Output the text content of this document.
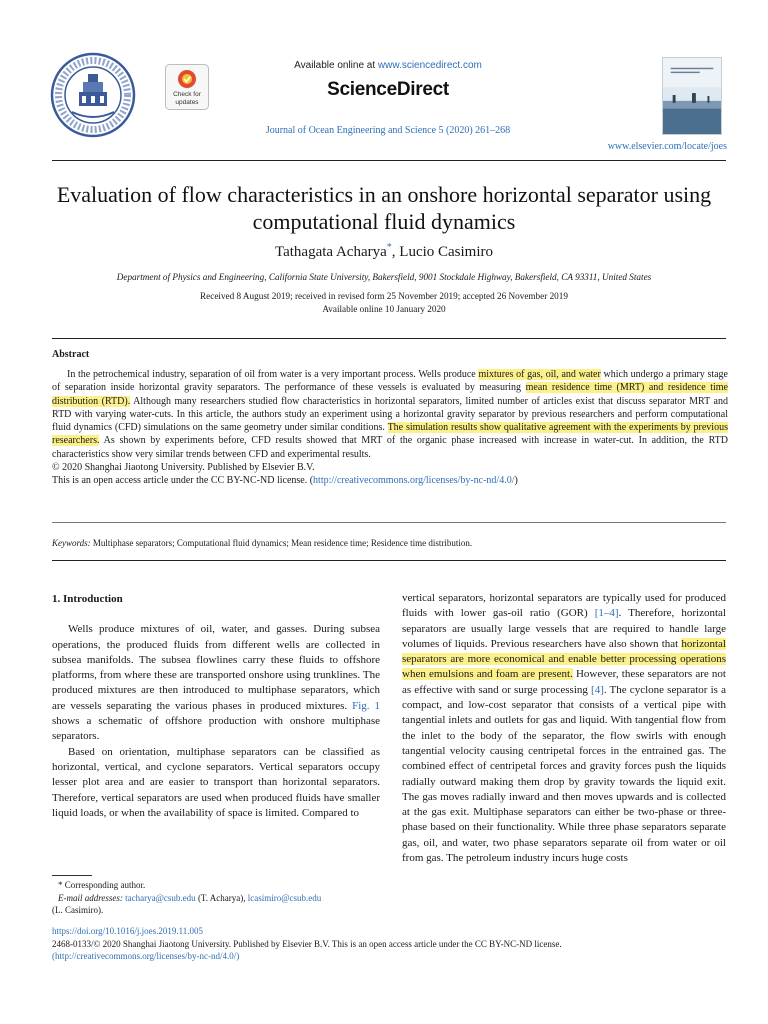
Check for
updates
Available online at www.sciencedirect.com
ScienceDirect
Journal of Ocean Engineering and Science 5 (2020) 261–268
www.elsevier.com/locate/joes
Evaluation of flow characteristics in an onshore horizontal separator using
computational fluid dynamics
Tathagata Acharya*, Lucio Casimiro
Department of Physics and Engineering, California State University, Bakersfield, 9001 Stockdale Highway, Bakersfield, CA 93311, United States
Received 8 August 2019; received in revised form 25 November 2019; accepted 26 November 2019
Available online 10 January 2020
Abstract

In the petrochemical industry, separation of oil from water is a very important process. Wells produce mixtures of gas, oil, and water which undergo a primary stage of separation inside horizontal gravity separators. The performance of these vessels is evaluated by measuring mean residence time (MRT) and residence time distribution (RTD). Although many researchers studied flow characteristics in horizontal separators, limited number of articles exist that discuss separator MRT and RTD with varying water-cuts. In this article, the authors study an experiment using a horizontal gravity separator by previous researchers and perform computational fluid dynamics (CFD) simulations on the same geometry under similar conditions. The simulation results show qualitative agreement with the experiments by previous researchers. As shown by experiments before, CFD results showed that MRT of the organic phase increased with increase in water-cut. In addition, the RTD characteristics show very similar trends between CFD and experimental results.

© 2020 Shanghai Jiaotong University. Published by Elsevier B.V.

This is an open access article under the CC BY-NC-ND license. (http://creativecommons.org/licenses/by-nc-nd/4.0/)

Keywords: Multiphase separators; Computational fluid dynamics; Mean residence time; Residence time distribution.
1. Introduction

Wells produce mixtures of oil, water, and gasses. During subsea operations, the produced fluids from different wells are collected in subsea manifolds. The subsea flowlines carry these fluids to offshore platforms, from where these are transported onshore using trunklines. The produced mixtures are then introduced to multiphase separators, which are vessels separating the various phases in produced mixtures. Fig. 1 shows a schematic of offshore production with onshore multiphase separators.

Based on orientation, multiphase separators can be classified as horizontal, vertical, and cyclone separators. Vertical separators occupy lesser plot area and are easier to transport than horizontal separators. Therefore, vertical separators are used when produced fluids have smaller liquid loads, or when the availability of space is limited. Compared to

vertical separators, horizontal separators are typically used for produced fluids with lower gas-oil ratio (GOR) [1–4]. Therefore, horizontal separators are usually large vessels that are required to handle large volumes of liquids. Previous researchers have also shown that horizontal separators are more economical and enable better processing operations when emulsions and foam are present. However, these separators are not as effective with sand or surge processing [4]. The cyclone separator is a compact, and low-cost separator that consists of a vertical pipe with tangential inlets and outlets for gas and liquid. With tangential flow from the inlet to the body of the separator, the flow swirls with enough tangential velocity causing centripetal forces in the entrained gas. The combined effect of centripetal forces and gravity forces push the liquids radially outward making them drop by gravity towards the liquid exit. The gas moves radially inward and then moves upwards and is collected at the gas exit. Multiphase separators can either be two-phase or three-phase based on their functionality. While three phase separators separate gas, oil, and water, two phase separators separate oil from water or oil from gas. The petroleum industry incurs huge costs

* Corresponding author.
E-mail addresses: tacharya@csub.edu (T. Acharya), lcasimiro@csub.edu
(L. Casimiro).
https://doi.org/10.1016/j.joes.2019.11.005
2468-0133/© 2020 Shanghai Jiaotong University. Published by Elsevier B.V. This is an open access article under the CC BY-NC-ND license.
(http://creativecommons.org/licenses/by-nc-nd/4.0/)
